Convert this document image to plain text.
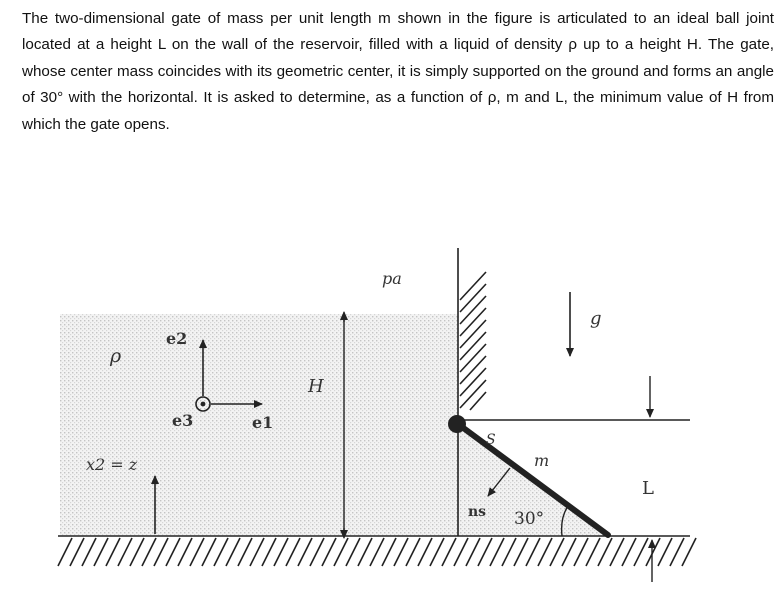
The two-dimensional gate of mass per unit length m shown in the figure is articulated to an ideal ball joint located at a height L on the wall of the reservoir, filled with a liquid of density ρ up to a height H. The gate, whose center mass coincides with its geometric center, it is simply supported on the ground and forms an angle of 30° with the horizontal. It is asked to determine, as a function of ρ, m and L, the minimum value of H from which the gate opens.

pa
g
ρ
e2
e3	e1
x2 = z
H
S
m
ns 30°
L
